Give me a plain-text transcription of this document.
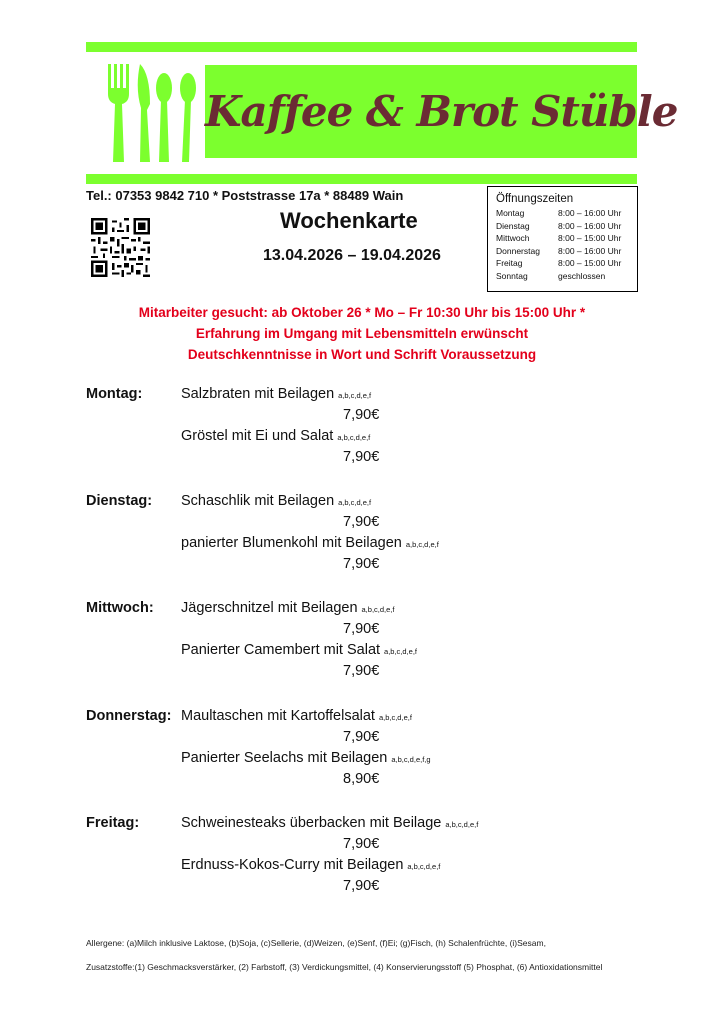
Kaffee & Brot Stüble
Tel.: 07353 9842 710 * Poststrasse 17a * 88489 Wain
Wochenkarte
13.04.2026 – 19.04.2026
Öffnungszeiten
Montag	8:00 – 16:00 Uhr
Dienstag	8:00 – 16:00 Uhr
Mittwoch	8:00 – 15:00 Uhr
Donnerstag	8:00 – 16:00 Uhr
Freitag	8:00 – 15:00 Uhr
Sonntag	geschlossen
Mitarbeiter gesucht: ab Oktober 26 * Mo – Fr 10:30 Uhr bis 15:00 Uhr *
Erfahrung im Umgang mit Lebensmitteln erwünscht
Deutschkenntnisse in Wort und Schrift Voraussetzung
Montag:	Salzbraten mit Beilagen a,b,c,d,e,f
7,90€
Gröstel mit Ei und Salat a,b,c,d,e,f
7,90€
Dienstag: Schaschlik mit Beilagen a,b,c,d,e,f
7,90€
panierter Blumenkohl mit Beilagen a,b,c,d,e,f
7,90€
Mittwoch: Jägerschnitzel mit Beilagen a,b,c,d,e,f
7,90€
Panierter Camembert mit Salat a,b,c,d,e,f
7,90€
Donnerstag: Maultaschen mit Kartoffelsalat a,b,c,d,e,f
7,90€
Panierter Seelachs mit Beilagen a,b,c,d,e,f,g
8,90€
Freitag:	Schweinesteaks überbacken mit Beilage a,b,c,d,e,f
7,90€
Erdnuss-Kokos-Curry mit Beilagen a,b,c,d,e,f
7,90€
Allergene: (a)Milch inklusive Laktose, (b)Soja, (c)Sellerie, (d)Weizen, (e)Senf, (f)Ei; (g)Fisch, (h) Schalenfrüchte, (i)Sesam,
Zusatzstoffe:(1) Geschmacksverstärker, (2) Farbstoff, (3) Verdickungsmittel, (4) Konservierungsstoff (5) Phosphat, (6) Antioxidationsmittel
